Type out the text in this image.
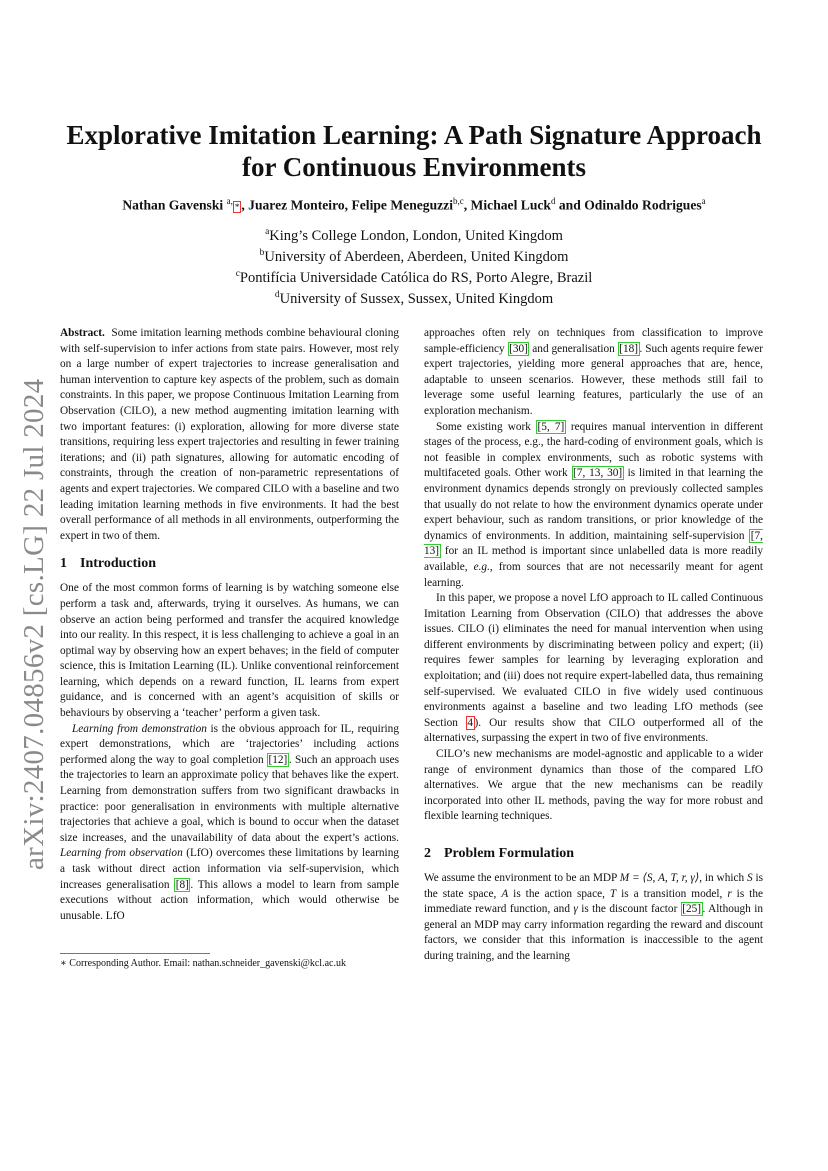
arXiv:2407.04856v2 [cs.LG] 22 Jul 2024
Explorative Imitation Learning: A Path Signature Approach for Continuous Environments
Nathan Gavenski $^{a,}$* , Juarez Monteiro, Felipe Meneguzzi$^{b,c}$, Michael Luck$^d$ and Odinaldo Rodrigues$^a$
$^a$King’s College London, London, United Kingdom
$^b$University of Aberdeen, Aberdeen, United Kingdom
$^c$Pontifícia Universidade Católica do RS, Porto Alegre, Brazil
$^d$University of Sussex, Sussex, United Kingdom

Abstract. Some imitation learning methods combine behavioural cloning with self-supervision to infer actions from state pairs. However, most rely on a large number of expert trajectories to increase generalisation and human intervention to capture key aspects of the problem, such as domain constraints. In this paper, we propose Continuous Imitation Learning from Observation (CILO), a new method augmenting imitation learning with two important features: (i) exploration, allowing for more diverse state transitions, requiring less expert trajectories and resulting in fewer training iterations; and (ii) path signatures, allowing for automatic encoding of constraints, through the creation of non-parametric representations of agents and expert trajectories. We compared CILO with a baseline and two leading imitation learning methods in five environments. It had the best overall performance of all methods in all environments, outperforming the expert in two of them.

1 Introduction

One of the most common forms of learning is by watching someone else perform a task and, afterwards, trying it ourselves. As humans, we can observe an action being performed and transfer the acquired knowledge into our reality. In this respect, it is less challenging to achieve a goal in an optimal way by observing how an expert behaves; in the field of computer science, this is Imitation Learning (IL). Unlike conventional reinforcement learning, which depends on a reward function, IL learns from expert guidance, and is concerned with an agent’s acquisition of skills or behaviours by observing a ‘teacher’ perform a given task.

Learning from demonstration is the obvious approach for IL, requiring expert demonstrations, which are ‘trajectories’ including actions performed along the way to goal completion [12] . Such an approach uses the trajectories to learn an approximate policy that behaves like the expert. Learning from demonstration suffers from two significant drawbacks in practice: poor generalisation in environments with multiple alternative trajectories that achieve a goal, which is bound to occur when the dataset size increases, and the unavailability of data about the expert’s actions. Learning from observation (LfO) overcomes these limitations by learning a task without direct action information via self-supervision, which increases generalisation [8] . This allows a model to learn from sample executions without action information, which would otherwise be unusable. LfO

∗ Corresponding Author. Email: nathan.schneider_gavenski@kcl.ac.uk

approaches often rely on techniques from classification to improve sample-efficiency [30] and generalisation [18] . Such agents require fewer expert trajectories, yielding more general approaches that are, hence, adaptable to unseen scenarios. However, these methods still fail to leverage some useful learning features, particularly the use of an exploration mechanism.

Some existing work [5, 7] requires manual intervention in different stages of the process, e.g., the hard-coding of environment goals, which is not feasible in complex environments, such as robotic systems with multifaceted goals. Other work [7, 13, 30] is limited in that learning the environment dynamics depends strongly on previously collected samples that usually do not relate to how the environment dynamics operate under expert behaviour, such as random transitions, or prior knowledge of the dynamics of environments. In addition, maintaining self-supervision [7, 13] for an IL method is important since unlabelled data is more readily available, e.g., from sources that are not necessarily meant for agent learning.

In this paper, we propose a novel LfO approach to IL called Continuous Imitation Learning from Observation (CILO) that addresses the above issues. CILO (i) eliminates the need for manual intervention when using different environments by discriminating between policy and expert; (ii) requires fewer samples for learning by leveraging exploration and exploitation; and (iii) does not require expert-labelled data, thus remaining self-supervised. We evaluated CILO in five widely used continuous environments against a baseline and two leading LfO methods (see Section 4 ). Our results show that CILO outperformed all of the alternatives, surpassing the expert in two of five environments.

CILO’s new mechanisms are model-agnostic and applicable to a wider range of environment dynamics than those of the compared LfO alternatives. We argue that the new mechanisms can be readily incorporated into other IL methods, paving the way for more robust and flexible learning techniques.

2 Problem Formulation

We assume the environment to be an MDP M = ⟨S, A, T, r, γ⟩, in which S is the state space, A is the action space, T is a transition model, r is the immediate reward function, and γ is the discount factor [25] . Although in general an MDP may carry information regarding the reward and discount factors, we consider that this information is inaccessible to the agent during training, and the learning
